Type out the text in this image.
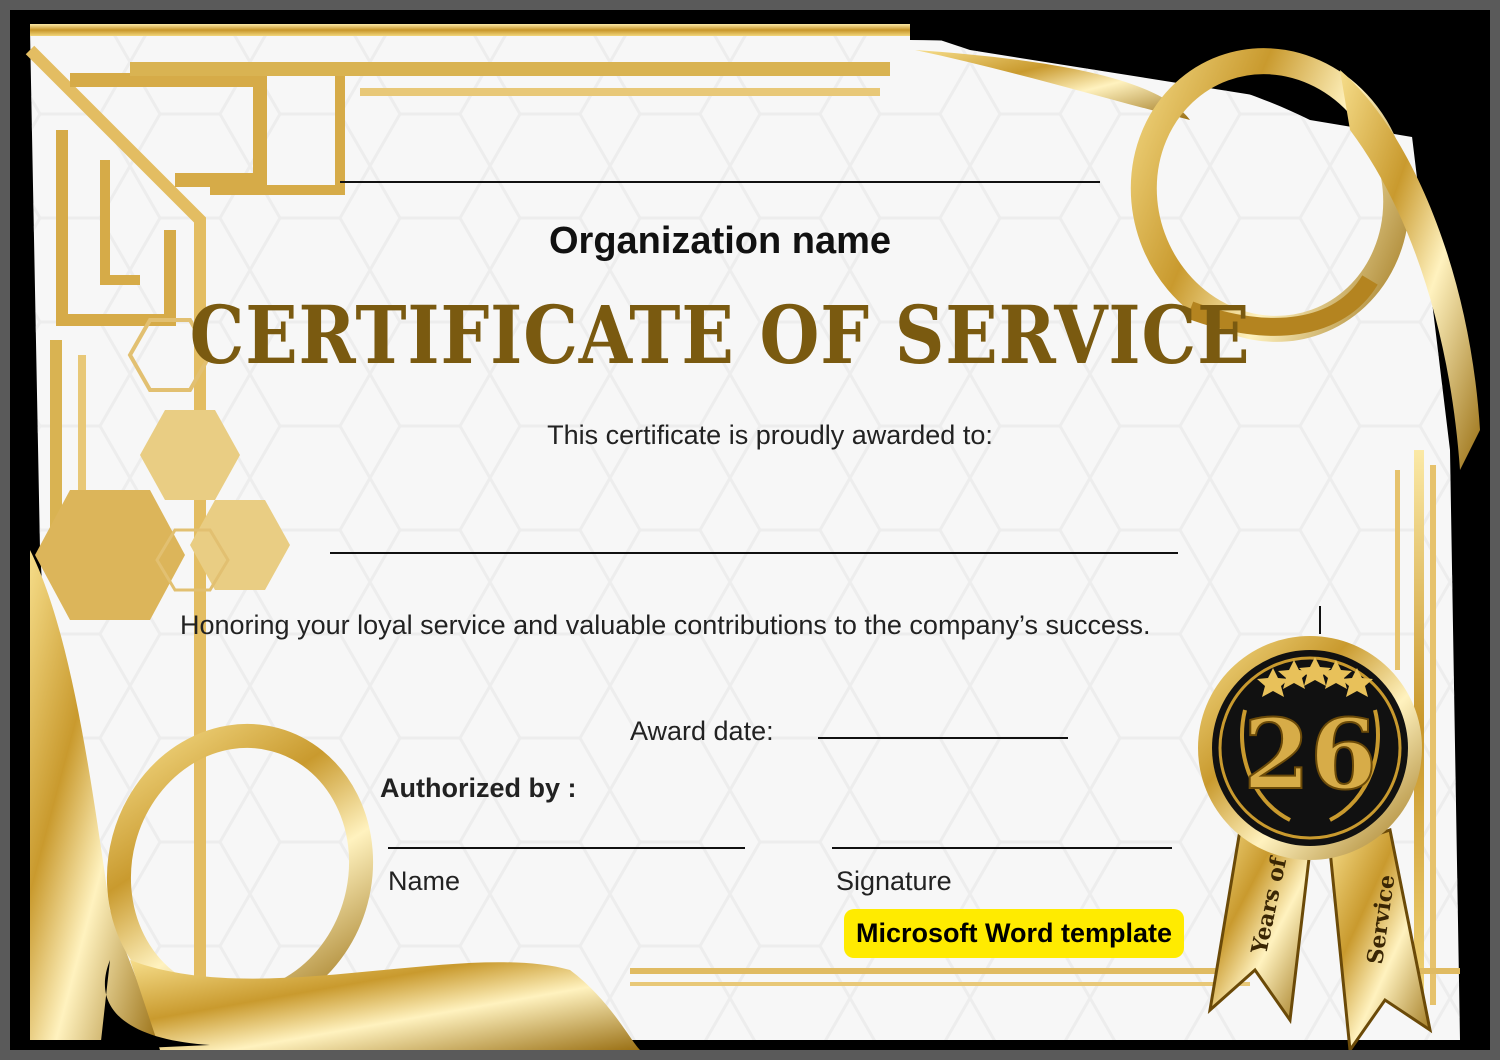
26
Years of	Service
Organization name
CERTIFICATE OF SERVICE
This certificate is proudly awarded to:
Honoring your loyal service and valuable contributions to the company’s success.
Award date:
Authorized by :
Name	Signature
Microsoft Word template
